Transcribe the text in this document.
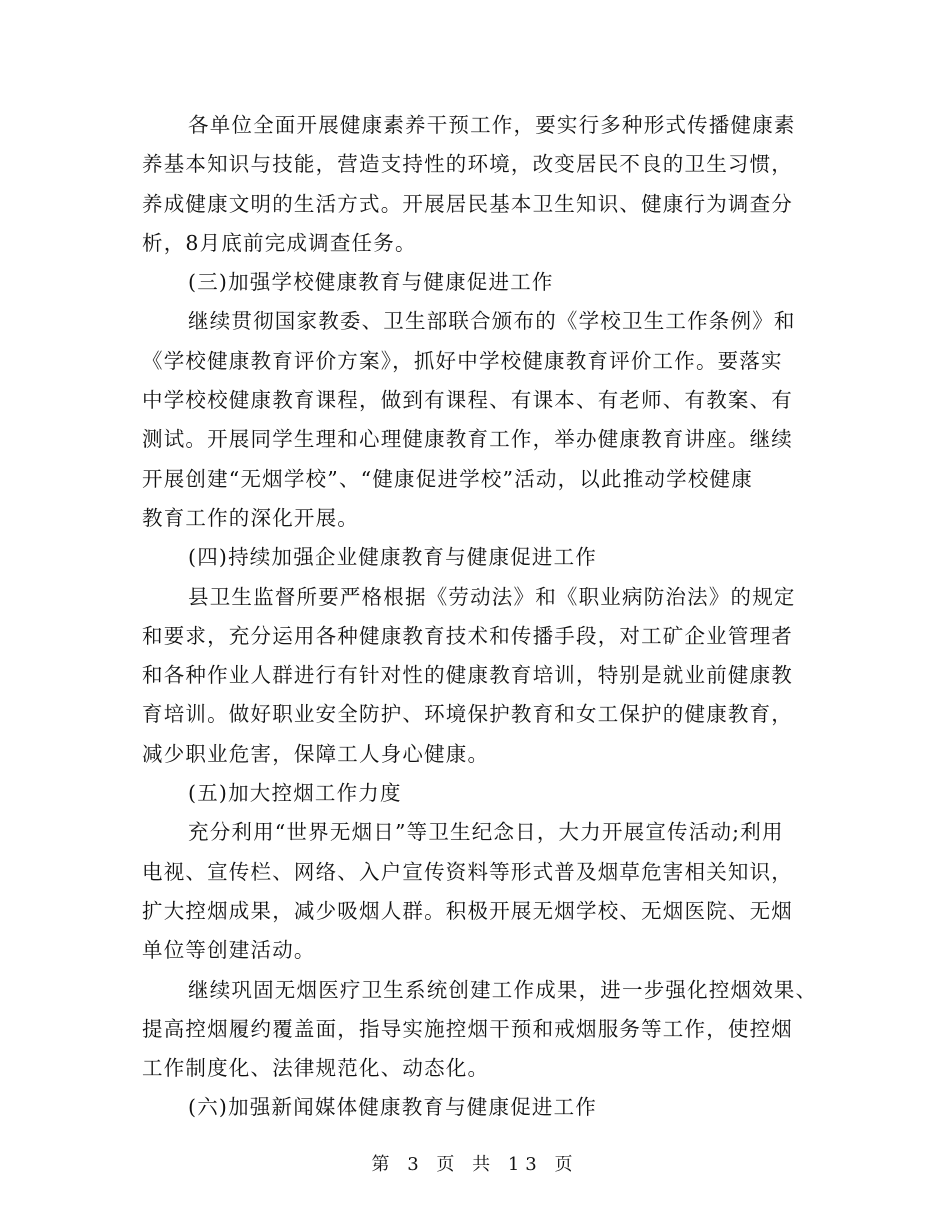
各单位全面开展健康素养干预工作，要实行多种形式传播健康素
养基本知识与技能，营造支持性的环境，改变居民不良的卫生习惯，
养成健康文明的生活方式。开展居民基本卫生知识、健康行为调查分
析，8月底前完成调查任务。
(三)加强学校健康教育与健康促进工作
继续贯彻国家教委、卫生部联合颁布的《学校卫生工作条例》和
《学校健康教育评价方案》，抓好中学校健康教育评价工作。要落实
中学校校健康教育课程，做到有课程、有课本、有老师、有教案、有
测试。开展同学生理和心理健康教育工作，举办健康教育讲座。继续
开展创建“无烟学校”、“健康促进学校”活动，以此推动学校健康
教育工作的深化开展。
(四)持续加强企业健康教育与健康促进工作
县卫生监督所要严格根据《劳动法》和《职业病防治法》的规定
和要求，充分运用各种健康教育技术和传播手段，对工矿企业管理者
和各种作业人群进行有针对性的健康教育培训，特别是就业前健康教
育培训。做好职业安全防护、环境保护教育和女工保护的健康教育，
减少职业危害，保障工人身心健康。
(五)加大控烟工作力度
充分利用“世界无烟日”等卫生纪念日，大力开展宣传活动;利用
电视、宣传栏、网络、入户宣传资料等形式普及烟草危害相关知识，
扩大控烟成果，减少吸烟人群。积极开展无烟学校、无烟医院、无烟
单位等创建活动。
继续巩固无烟医疗卫生系统创建工作成果，进一步强化控烟效果、
提高控烟履约覆盖面，指导实施控烟干预和戒烟服务等工作，使控烟
工作制度化、法律规范化、动态化。
(六)加强新闻媒体健康教育与健康促进工作
第 3 页 共 13 页
